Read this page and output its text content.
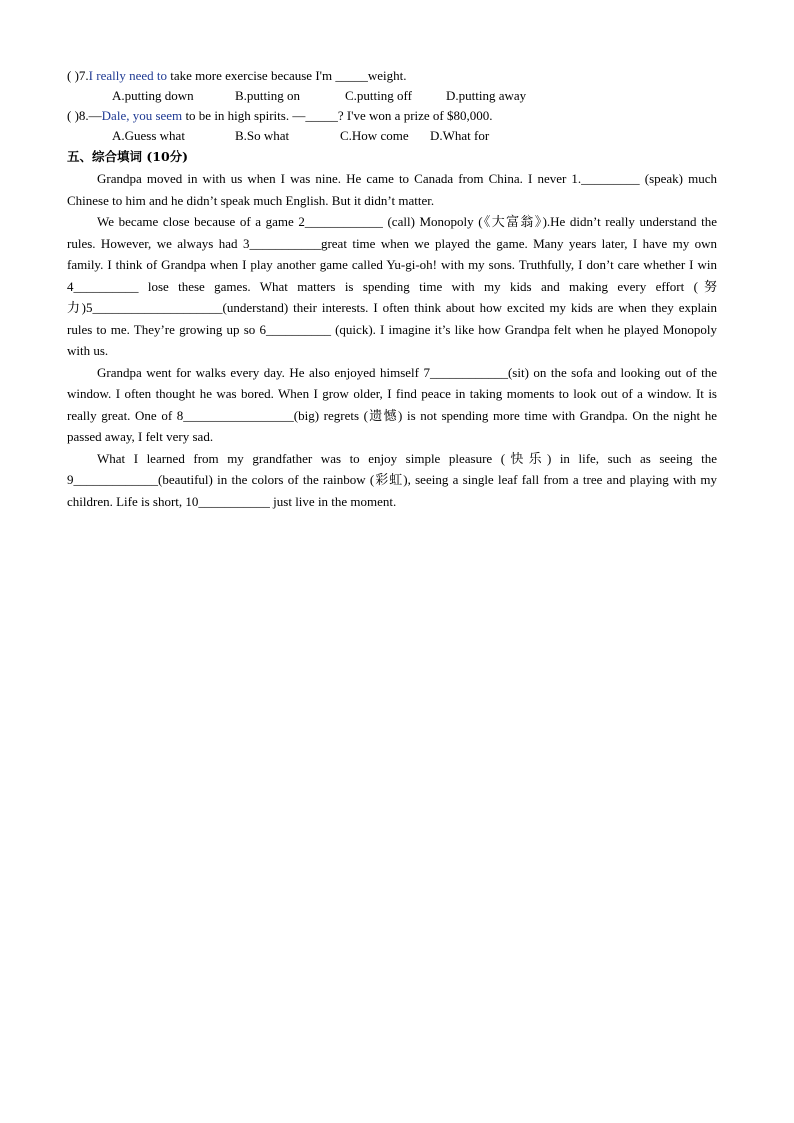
( )7.I really need to take more exercise because I'm _____weight.
A.putting down	B.putting on	C.putting off	D.putting away
( )8.—Dale, you seem to be in high spirits. —_____? I've won a prize of $80,000.
A.Guess what	B.So what	C.How come D.What for
五、综合填词 (10分)

Grandpa moved in with us when I was nine. He came to Canada from China. I never 1._________ (speak) much Chinese to him and he didn’t speak much English. But it didn’t matter.

We became close because of a game 2____________ (call) Monopoly (《大富翁》).He didn’t really understand the rules. However, we always had 3___________great time when we played the game. Many years later, I have my own family. I think of Grandpa when I play another game called Yu-gi-oh! with my sons. Truthfully, I don’t care whether I win 4__________ lose these games. What matters is spending time with my kids and making every effort (努力)5____________________(understand) their interests. I often think about how excited my kids are when they explain rules to me. They’re growing up so 6__________ (quick). I imagine it’s like how Grandpa felt when he played Monopoly with us.

Grandpa went for walks every day. He also enjoyed himself 7____________(sit) on the sofa and looking out of the window. I often thought he was bored. When I grow older, I find peace in taking moments to look out of a window. It is really great. One of 8_________________(big) regrets (遗憾) is not spending more time with Grandpa. On the night he passed away, I felt very sad.

What I learned from my grandfather was to enjoy simple pleasure (快乐) in life, such as seeing the 9_____________(beautiful) in the colors of the rainbow (彩虹), seeing a single leaf fall from a tree and playing with my children. Life is short, 10___________ just live in the moment.
